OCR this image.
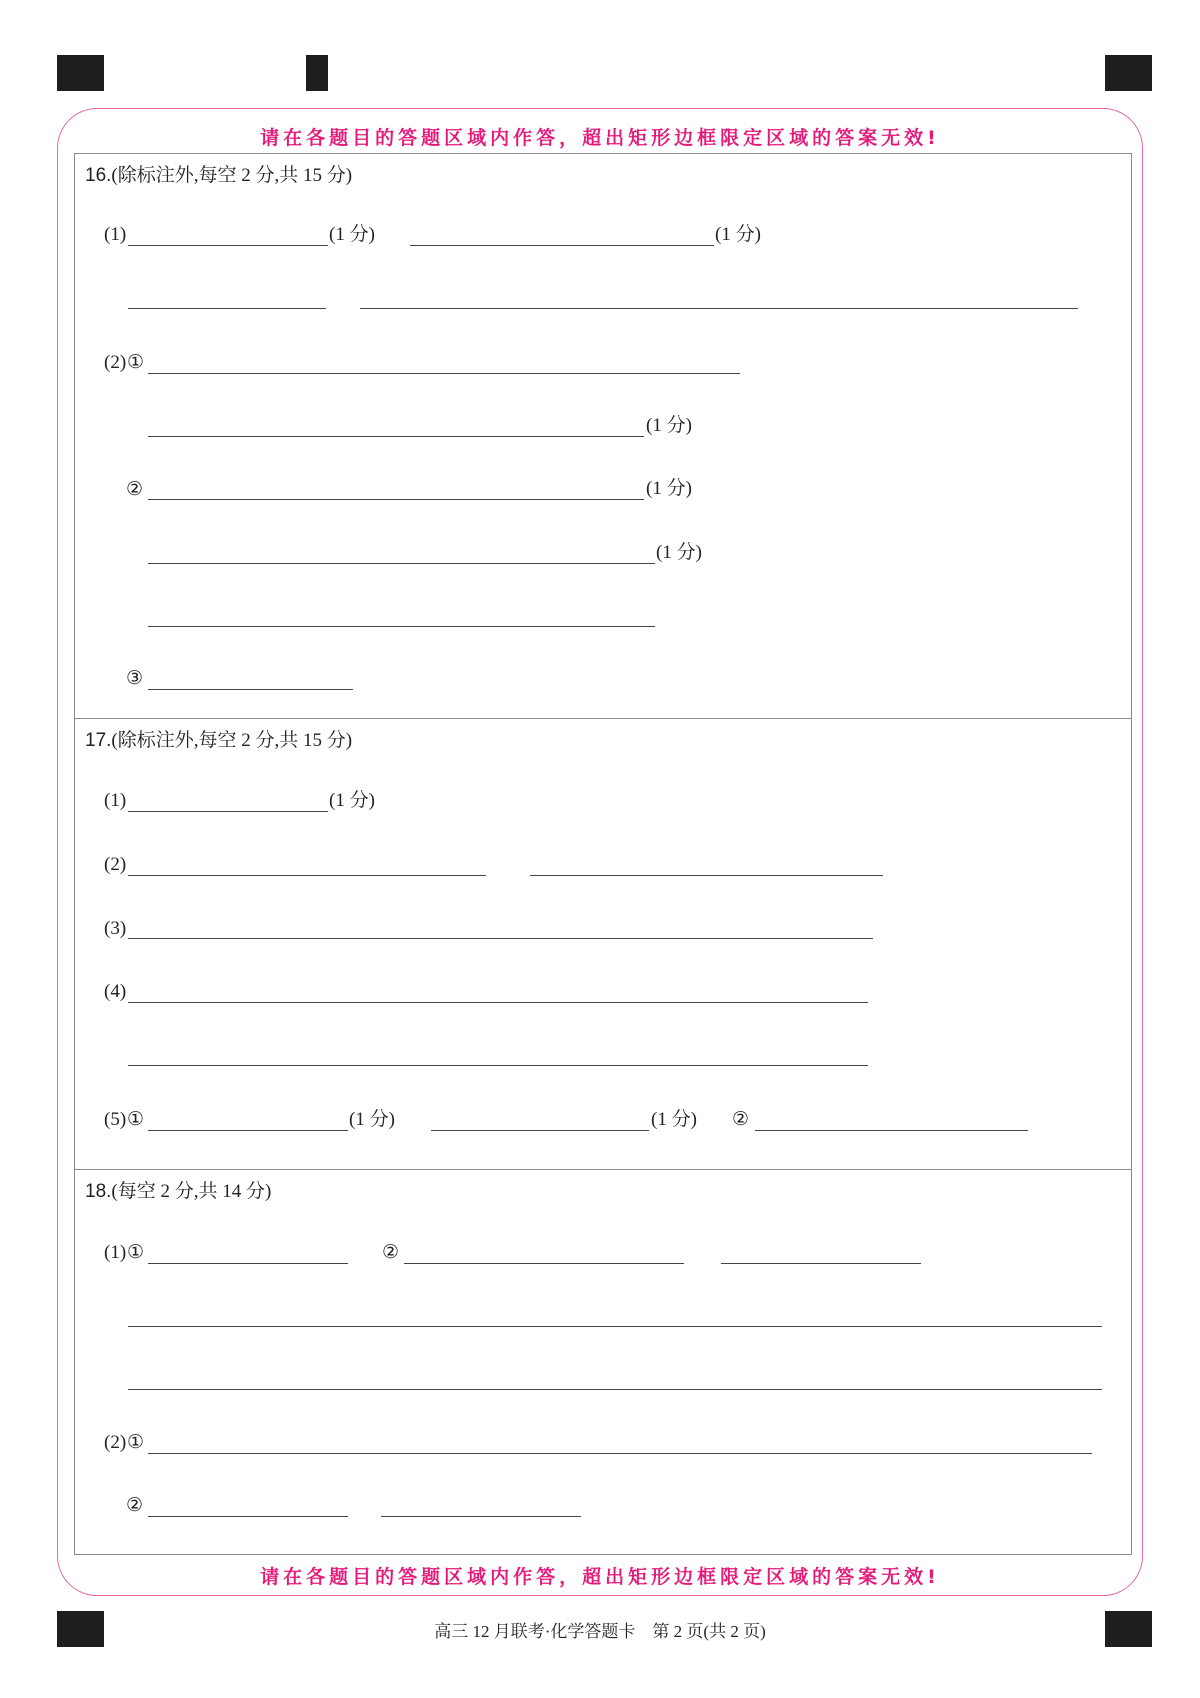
请在各题目的答题区域内作答，超出矩形边框限定区域的答案无效!
16.(除标注外,每空 2 分,共 15 分)
(1)	(1 分)	(1 分)
(2) ①
(1 分)
②	(1 分)
(1 分)
③
17.(除标注外,每空 2 分,共 15 分)
(1)	(1 分)
(2)
(3)
(4)
(5) ①	(1 分)	(1 分) ②
18.(每空 2 分,共 14 分)
(1) ①	②
(2) ①
②
请在各题目的答题区域内作答，超出矩形边框限定区域的答案无效!
高三 12 月联考·化学答题卡    第 2 页(共 2 页)
